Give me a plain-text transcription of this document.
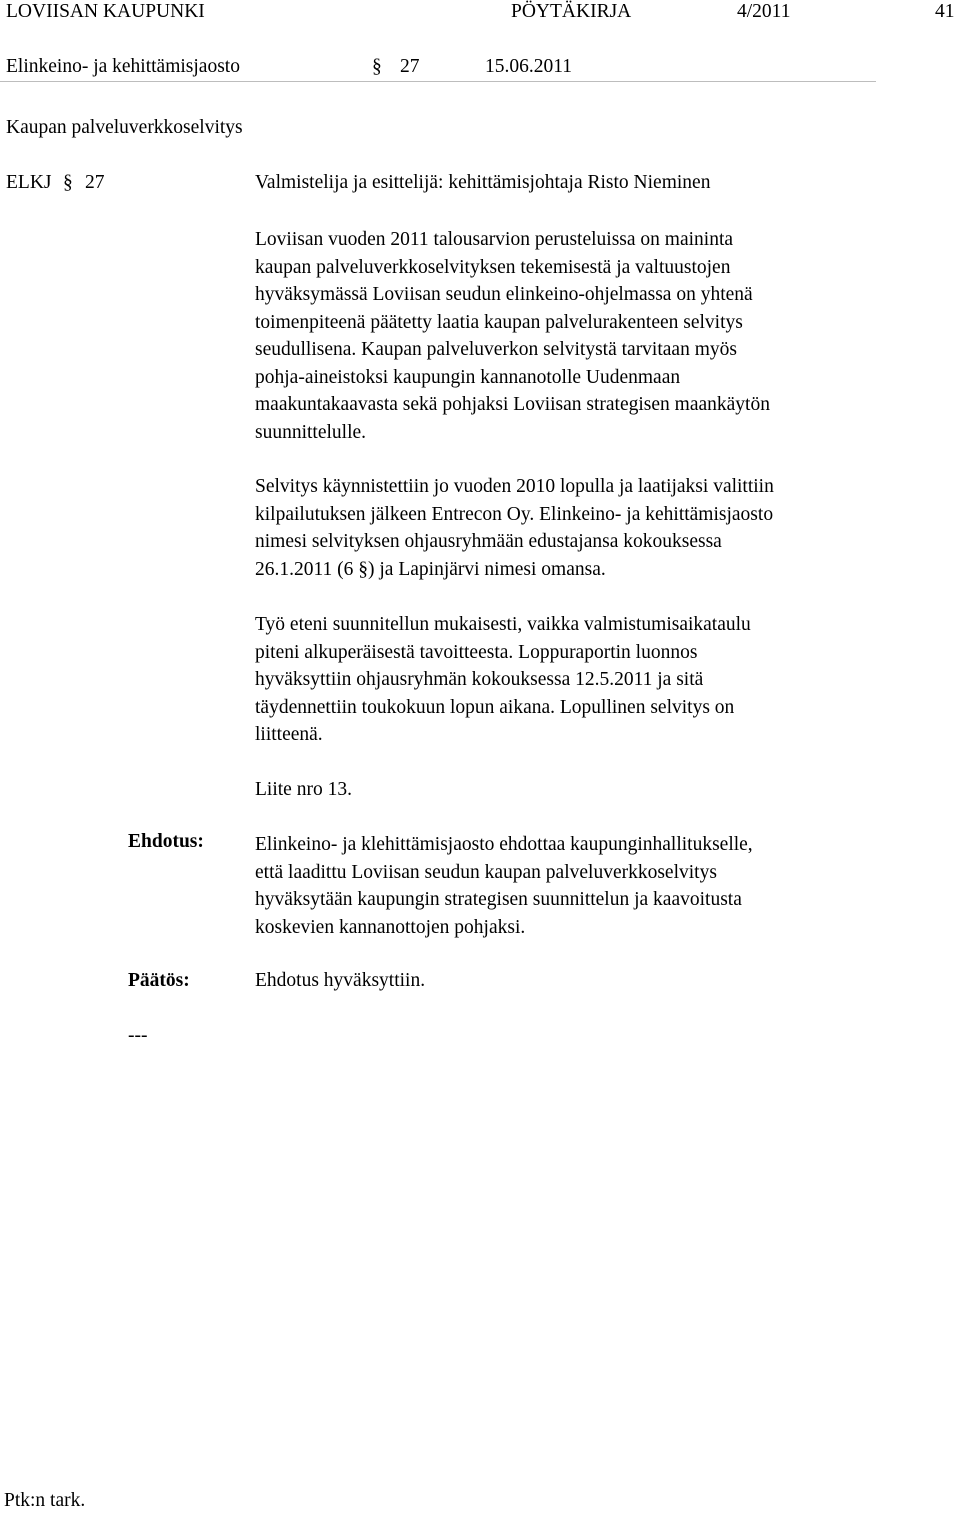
LOVIISAN KAUPUNKI	PÖYTÄKIRJA	4/2011	41
Elinkeino- ja kehittämisjaosto	§ 27	15.06.2011
Kaupan palveluverkkoselvitys
ELKJ § 27	Valmistelija ja esittelijä: kehittämisjohtaja Risto Nieminen
Loviisan vuoden 2011 talousarvion perusteluissa on maininta
kaupan palveluverkkoselvityksen tekemisestä ja valtuustojen
hyväksymässä Loviisan seudun elinkeino-ohjelmassa on yhtenä
toimenpiteenä päätetty laatia kaupan palvelurakenteen selvitys
seudullisena. Kaupan palveluverkon selvitystä tarvitaan myös
pohja-aineistoksi kaupungin kannanotolle Uudenmaan
maakuntakaavasta sekä pohjaksi Loviisan strategisen maankäytön
suunnittelulle.
Selvitys käynnistettiin jo vuoden 2010 lopulla ja laatijaksi valittiin
kilpailutuksen jälkeen Entrecon Oy. Elinkeino- ja kehittämisjaosto
nimesi selvityksen ohjausryhmään edustajansa kokouksessa
26.1.2011 (6 §) ja Lapinjärvi nimesi omansa.
Työ eteni suunnitellun mukaisesti, vaikka valmistumisaikataulu
piteni alkuperäisestä tavoitteesta. Loppuraportin luonnos
hyväksyttiin ohjausryhmän kokouksessa 12.5.2011 ja sitä
täydennettiin toukokuun lopun aikana. Lopullinen selvitys on
liitteenä.
Liite nro 13.
Ehdotus:	Elinkeino- ja klehittämisjaosto ehdottaa kaupunginhallitukselle,
että laadittu Loviisan seudun kaupan palveluverkkoselvitys
hyväksytään kaupungin strategisen suunnittelun ja kaavoitusta
koskevien kannanottojen pohjaksi.
Päätös:	Ehdotus hyväksyttiin.
---
Ptk:n tark.
